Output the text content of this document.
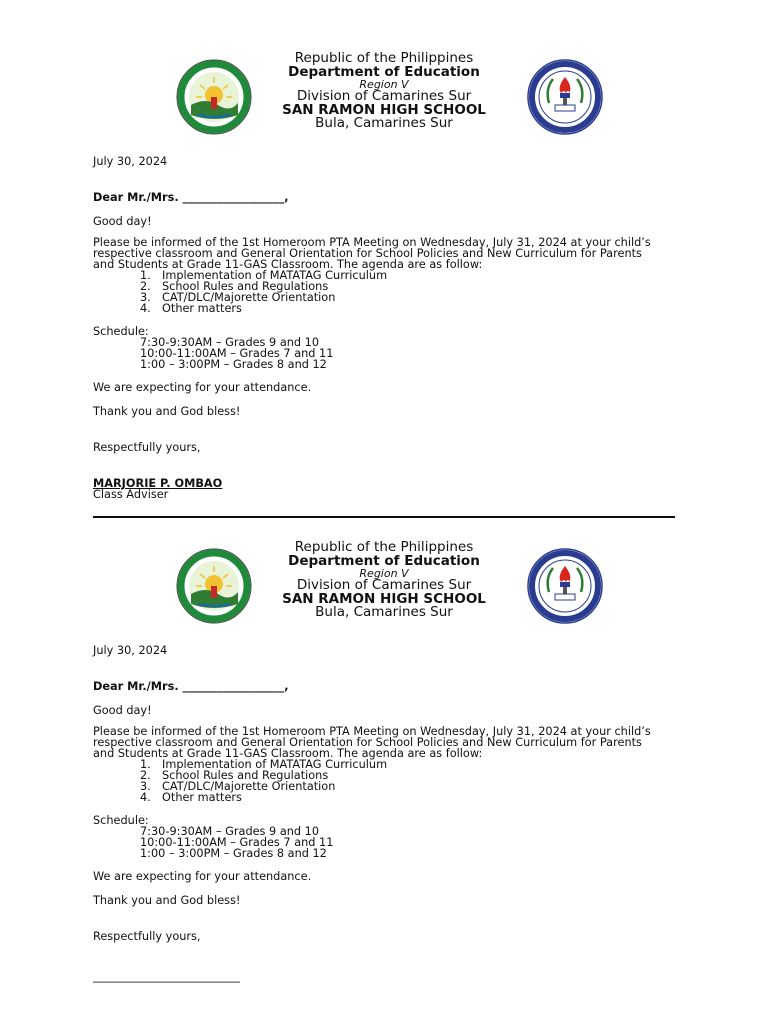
Republic of the Philippines
Department of Education
Region V
Division of Camarines Sur
SAN RAMON HIGH SCHOOL
Bula, Camarines Sur
July 30, 2024
Dear Mr./Mrs. __________________,
Good day!
Please be informed of the 1st Homeroom PTA Meeting on Wednesday, July 31, 2024 at your child’s
respective classroom and General Orientation for School Policies and New Curriculum for Parents
and Students at Grade 11-GAS Classroom. The agenda are as follow:
1. Implementation of MATATAG Curriculum
2. School Rules and Regulations
3. CAT/DLC/Majorette Orientation
4. Other matters
Schedule:
7:30-9:30AM – Grades 9 and 10
10:00-11:00AM – Grades 7 and 11
1:00 – 3:00PM – Grades 8 and 12
We are expecting for your attendance.
Thank you and God bless!
Respectfully yours,
MARJORIE P. OMBAO
Class Adviser
Republic of the Philippines
Department of Education
Region V
Division of Camarines Sur
SAN RAMON HIGH SCHOOL
Bula, Camarines Sur
July 30, 2024
Dear Mr./Mrs. __________________,
Good day!
Please be informed of the 1st Homeroom PTA Meeting on Wednesday, July 31, 2024 at your child’s
respective classroom and General Orientation for School Policies and New Curriculum for Parents
and Students at Grade 11-GAS Classroom. The agenda are as follow:
1. Implementation of MATATAG Curriculum
2. School Rules and Regulations
3. CAT/DLC/Majorette Orientation
4. Other matters
Schedule:
7:30-9:30AM – Grades 9 and 10
10:00-11:00AM – Grades 7 and 11
1:00 – 3:00PM – Grades 8 and 12
We are expecting for your attendance.
Thank you and God bless!
Respectfully yours,
__________________________
